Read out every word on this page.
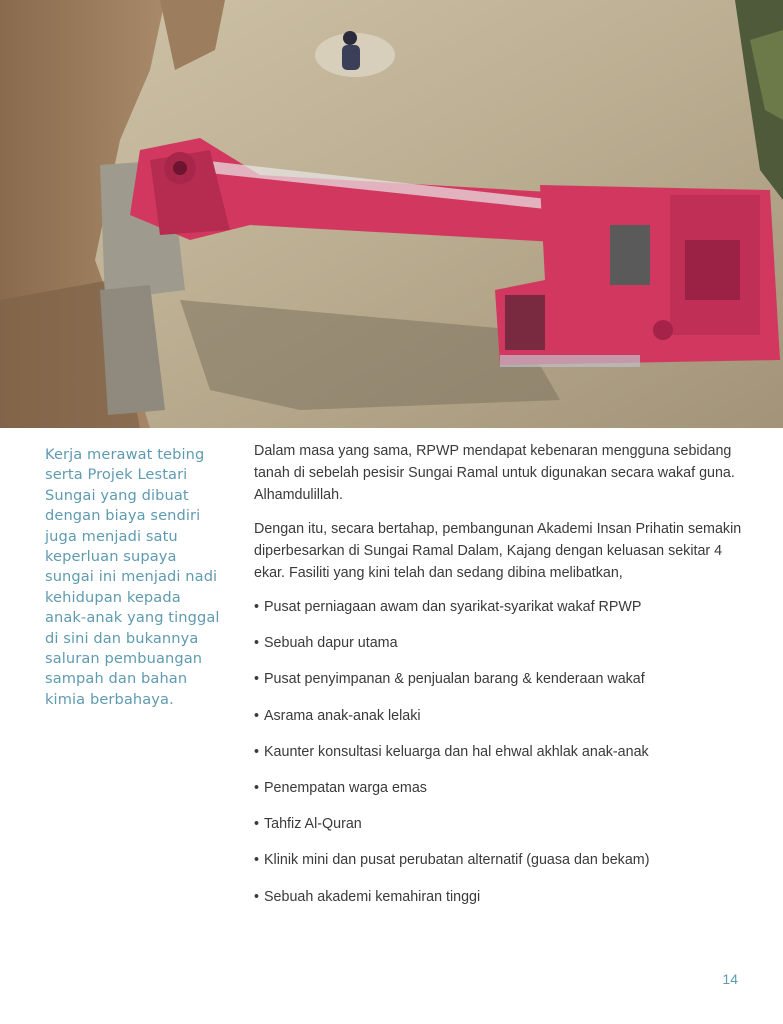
Kerja merawat tebing serta Projek Lestari Sungai yang dibuat dengan biaya sendiri juga menjadi satu keperluan supaya sungai ini menjadi nadi kehidupan kepada anak-anak yang tinggal di sini dan bukannya saluran pembuangan sampah dan bahan kimia berbahaya.

Dalam masa yang sama, RPWP mendapat kebenaran mengguna sebidang tanah di sebelah pesisir Sungai Ramal untuk digunakan secara wakaf guna. Alhamdulillah.

Dengan itu, secara bertahap, pembangunan Akademi Insan Prihatin semakin diperbesarkan di Sungai Ramal Dalam, Kajang dengan keluasan sekitar 4 ekar. Fasiliti yang kini telah dan sedang dibina melibatkan,

• Pusat perniagaan awam dan syarikat-syarikat wakaf RPWP
• Sebuah dapur utama
• Pusat penyimpanan & penjualan barang & kenderaan wakaf
• Asrama anak-anak lelaki
• Kaunter konsultasi keluarga dan hal ehwal akhlak anak-anak
• Penempatan warga emas
• Tahfiz Al-Quran
• Klinik mini dan pusat perubatan alternatif (guasa dan bekam)
• Sebuah akademi kemahiran tinggi
14
